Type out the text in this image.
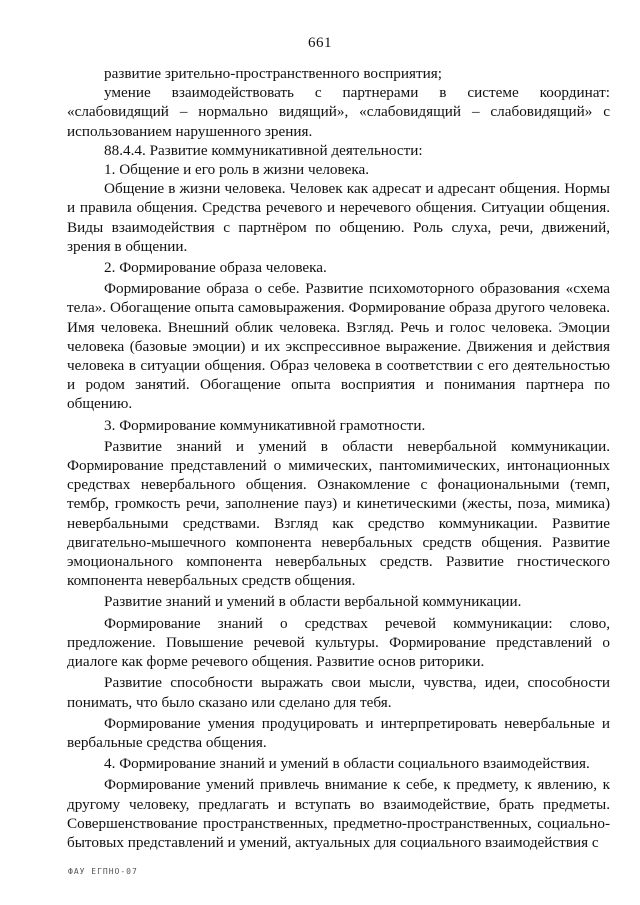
661

развитие зрительно-пространственного восприятия;

умение взаимодействовать с партнерами в системе координат: «слабовидящий – нормально видящий», «слабовидящий – слабовидящий» с использованием нарушенного зрения.

88.4.4. Развитие коммуникативной деятельности:

1. Общение и его роль в жизни человека.

Общение в жизни человека. Человек как адресат и адресант общения. Нормы и правила общения. Средства речевого и неречевого общения. Ситуации общения. Виды взаимодействия с партнёром по общению. Роль слуха, речи, движений, зрения в общении.

2. Формирование образа человека.

Формирование образа о себе. Развитие психомоторного образования «схема тела». Обогащение опыта самовыражения. Формирование образа другого человека. Имя человека. Внешний облик человека. Взгляд. Речь и голос человека. Эмоции человека (базовые эмоции) и их экспрессивное выражение. Движения и действия человека в ситуации общения. Образ человека в соответствии с его деятельностью и родом занятий. Обогащение опыта восприятия и понимания партнера по общению.

3. Формирование коммуникативной грамотности.

Развитие знаний и умений в области невербальной коммуникации. Формирование представлений о мимических, пантомимических, интонационных средствах невербального общения. Ознакомление с фонациональными (темп, тембр, громкость речи, заполнение пауз) и кинетическими (жесты, поза, мимика) невербальными средствами. Взгляд как средство коммуникации. Развитие двигательно-мышечного компонента невербальных средств общения. Развитие эмоционального компонента невербальных средств. Развитие гностического компонента невербальных средств общения.

Развитие знаний и умений в области вербальной коммуникации.

Формирование знаний о средствах речевой коммуникации: слово, предложение. Повышение речевой культуры. Формирование представлений о диалоге как форме речевого общения. Развитие основ риторики.

Развитие способности выражать свои мысли, чувства, идеи, способности понимать, что было сказано или сделано для тебя.

Формирование умения продуцировать и интерпретировать невербальные и вербальные средства общения.

4. Формирование знаний и умений в области социального взаимодействия.

Формирование умений привлечь внимание к себе, к предмету, к явлению, к другому человеку, предлагать и вступать во взаимодействие, брать предметы. Совершенствование пространственных, предметно-пространственных, социально-бытовых представлений и умений, актуальных для социального взаимодействия с

ФАУ ЕГПНО-07
